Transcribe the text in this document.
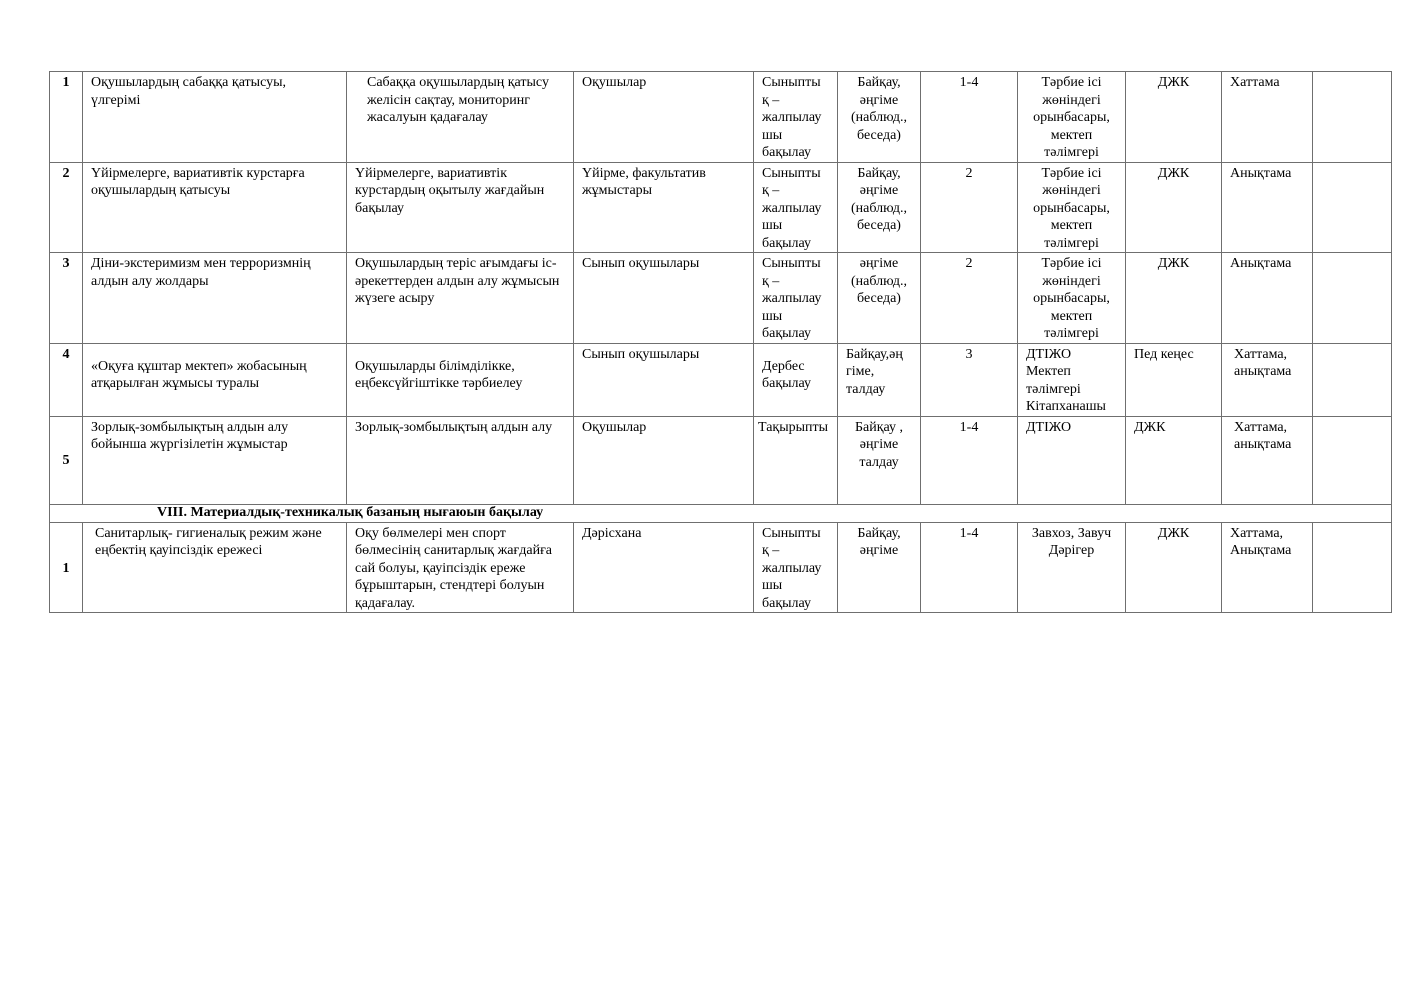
1	Оқушылардың сабаққа қатысуы, үлгерімі	Сабаққа оқушылардың қатысу желісін сақтау, мониторинг жасалуын қадағалау	Оқушылар	Сыныпты қ – жалпылау шы бақылау	Байқау, әңгіме (наблюд., беседа)	1-4	Тәрбие ісі жөніндегі орынбасары, мектеп тәлімгері	ДЖК	Хаттама	
2	Үйірмелерге, вариативтік курстарға оқушылардың қатысуы	Үйірмелерге, вариативтік курстардың оқытылу жағдайын бақылау	Үйірме, факультатив жұмыстары	Сыныпты қ – жалпылау шы бақылау	Байқау, әңгіме (наблюд., беседа)	2	Тәрбие ісі жөніндегі орынбасары, мектеп тәлімгері	ДЖК	Анықтама	
3	Діни-экстеримизм мен терроризмнің алдын алу жолдары	Оқушылардың теріс ағымдағы іс-әрекеттерден алдын алу жұмысын жүзеге асыру	Сынып оқушылары	Сыныпты қ – жалпылау шы бақылау	әңгіме (наблюд., беседа)	2	Тәрбие ісі жөніндегі орынбасары, мектеп тәлімгері	ДЖК	Анықтама	
4	«Оқуға құштар мектеп» жобасының атқарылған жұмысы туралы	Оқушыларды білімділікке, еңбексүйгіштікке тәрбиелеу	Сынып оқушылары	Дербес бақылау	Байқау,әң гіме, талдау	3	ДТІЖО Мектеп тәлімгері Кітапханашы	Пед кеңес	Хаттама, анықтама	
5	Зорлық-зомбылықтың алдын алу бойынша жүргізілетін жұмыстар	Зорлық-зомбылықтың алдын алу	Оқушылар	Тақырыпты	Байқау , әңгіме талдау	1-4	ДТІЖО	ДЖК	Хаттама, анықтама	
VIII. Материалдық-техникалық базаның нығаюын бақылау										
1	Санитарлық- гигиеналық режим және еңбектің қауіпсіздік ережесі	Оқу бөлмелері мен спорт бөлмесінің санитарлық жағдайға сай болуы, қауіпсіздік ереже бұрыштарын, стендтері болуын қадағалау.	Дәрісхана	Сыныпты қ – жалпылау шы бақылау	Байқау, әңгіме	1-4	Завхоз, Завуч Дәрігер	ДЖК	Хаттама, Анықтама	
